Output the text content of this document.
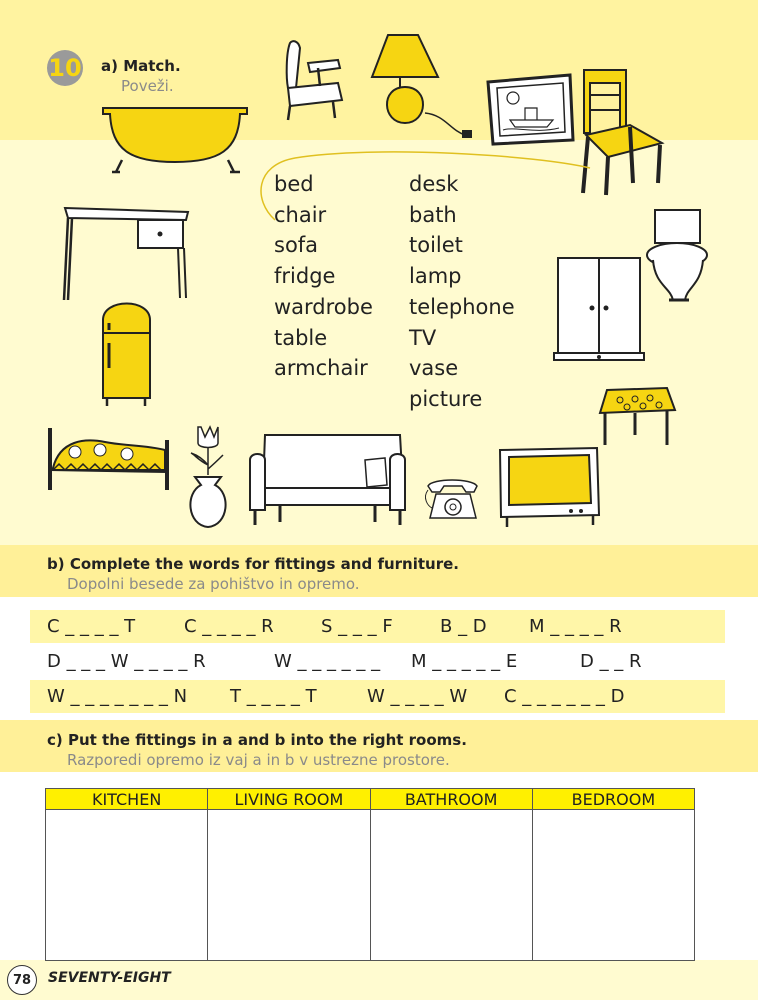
10 a) Match.
Poveži.
bed
chair
sofa
fridge
wardrobe
table
armchair
desk
bath
toilet
lamp
telephone
TV
vase
picture
b) Complete the words for fittings and furniture.
Dopolni besede za pohištvo in opremo.
C _ _ _ _ T	C _ _ _ _ R	S _ _ _ F	B _ D M _ _ _ _ R
D _ _ _ W _ _ _ _ R	W _ _ _ _ _ _ M _ _ _ _ _ E	D _ _ R
W _ _ _ _ _ _ _ N T _ _ _ _ T	W _ _ _ _ W C _ _ _ _ _ _ D
c) Put the fittings in a and b into the right rooms.
Razporedi opremo iz vaj a in b v ustrezne prostore.
KITCHEN	LIVING ROOM	BATHROOM	BEDROOM

78	SEVENTY-EIGHT
